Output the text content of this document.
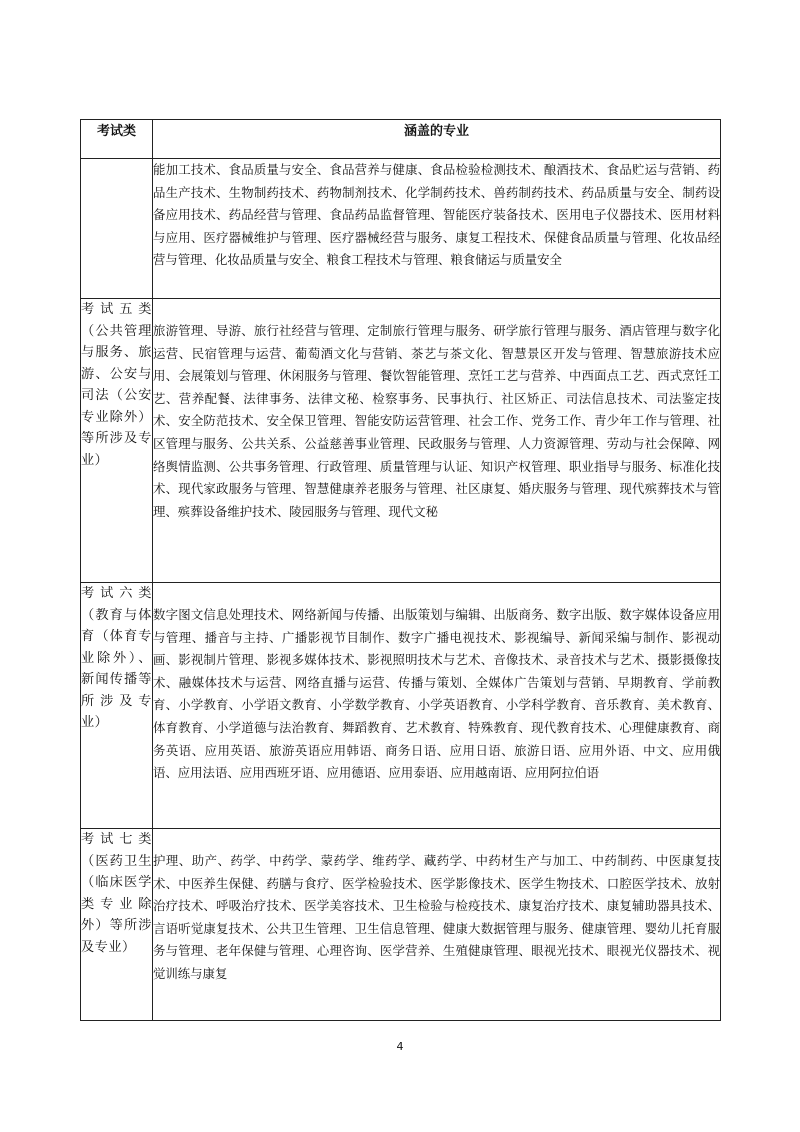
考试类	涵盖的专业
	能加工技术、食品质量与安全、食品营养与健康、食品检验检测技术、酿酒技术、食品贮运与营销、药品生产技术、生物制药技术、药物制剂技术、化学制药技术、兽药制药技术、药品质量与安全、制药设备应用技术、药品经营与管理、食品药品监督管理、智能医疗装备技术、医用电子仪器技术、医用材料与应用、医疗器械维护与管理、医疗器械经营与服务、康复工程技术、保健食品质量与管理、化妆品经营与管理、化妆品质量与安全、粮食工程技术与管理、粮食储运与质量安全
考试五类（公共管理与服务、旅游、公安与司法（公安专业除外）等所涉及专业）	旅游管理、导游、旅行社经营与管理、定制旅行管理与服务、研学旅行管理与服务、酒店管理与数字化运营、民宿管理与运营、葡萄酒文化与营销、茶艺与茶文化、智慧景区开发与管理、智慧旅游技术应用、会展策划与管理、休闲服务与管理、餐饮智能管理、烹饪工艺与营养、中西面点工艺、西式烹饪工艺、营养配餐、法律事务、法律文秘、检察事务、民事执行、社区矫正、司法信息技术、司法鉴定技术、安全防范技术、安全保卫管理、智能安防运营管理、社会工作、党务工作、青少年工作与管理、社区管理与服务、公共关系、公益慈善事业管理、民政服务与管理、人力资源管理、劳动与社会保障、网络舆情监测、公共事务管理、行政管理、质量管理与认证、知识产权管理、职业指导与服务、标准化技术、现代家政服务与管理、智慧健康养老服务与管理、社区康复、婚庆服务与管理、现代殡葬技术与管理、殡葬设备维护技术、陵园服务与管理、现代文秘
考试六类（教育与体育（体育专业除外）、新闻传播等所涉及专业）	数字图文信息处理技术、网络新闻与传播、出版策划与编辑、出版商务、数字出版、数字媒体设备应用与管理、播音与主持、广播影视节目制作、数字广播电视技术、影视编导、新闻采编与制作、影视动画、影视制片管理、影视多媒体技术、影视照明技术与艺术、音像技术、录音技术与艺术、摄影摄像技术、融媒体技术与运营、网络直播与运营、传播与策划、全媒体广告策划与营销、早期教育、学前教育、小学教育、小学语文教育、小学数学教育、小学英语教育、小学科学教育、音乐教育、美术教育、体育教育、小学道德与法治教育、舞蹈教育、艺术教育、特殊教育、现代教育技术、心理健康教育、商务英语、应用英语、旅游英语应用韩语、商务日语、应用日语、旅游日语、应用外语、中文、应用俄语、应用法语、应用西班牙语、应用德语、应用泰语、应用越南语、应用阿拉伯语
考试七类（医药卫生（临床医学类专业除外）等所涉及专业）	护理、助产、药学、中药学、蒙药学、维药学、藏药学、中药材生产与加工、中药制药、中医康复技术、中医养生保健、药膳与食疗、医学检验技术、医学影像技术、医学生物技术、口腔医学技术、放射治疗技术、呼吸治疗技术、医学美容技术、卫生检验与检疫技术、康复治疗技术、康复辅助器具技术、言语听觉康复技术、公共卫生管理、卫生信息管理、健康大数据管理与服务、健康管理、婴幼儿托育服务与管理、老年保健与管理、心理咨询、医学营养、生殖健康管理、眼视光技术、眼视光仪器技术、视觉训练与康复
4
